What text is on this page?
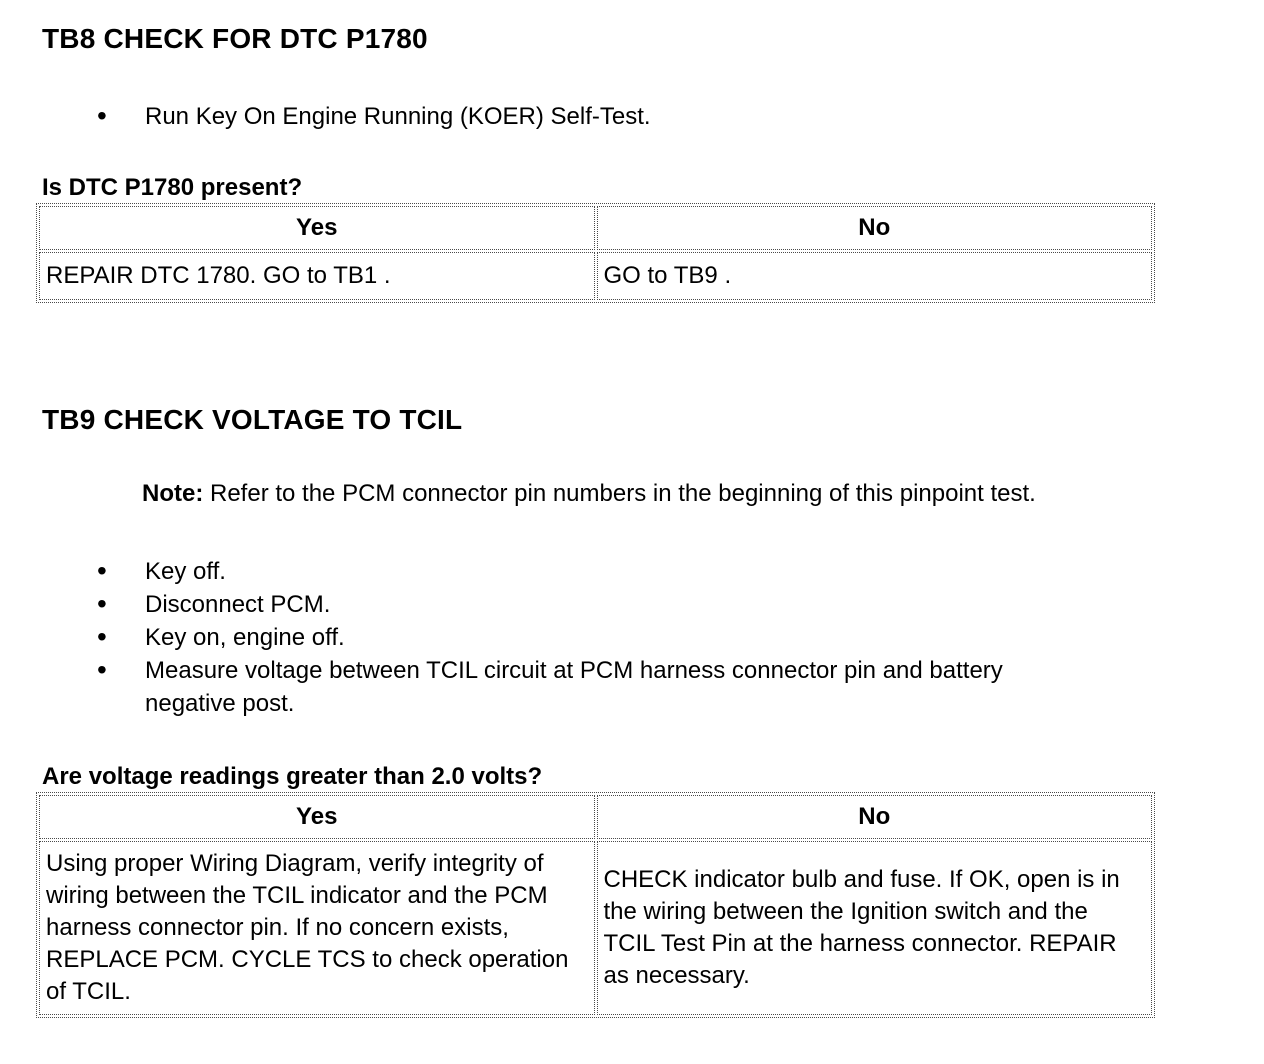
TB8 CHECK FOR DTC P1780
• Run Key On Engine Running (KOER) Self-Test.
Is DTC P1780 present?
Yes	No
REPAIR DTC 1780. GO to TB1 .	GO to TB9 .
TB9 CHECK VOLTAGE TO TCIL
Note: Refer to the PCM connector pin numbers in the beginning of this pinpoint test.
• Key off.
• Disconnect PCM.
• Key on, engine off.
• Measure voltage between TCIL circuit at PCM harness connector pin and battery negative post.
Are voltage readings greater than 2.0 volts?
Yes	No
Using proper Wiring Diagram, verify integrity of wiring between the TCIL indicator and the PCM harness connector pin. If no concern exists, REPLACE PCM. CYCLE TCS to check operation of TCIL.	CHECK indicator bulb and fuse. If OK, open is in the wiring between the Ignition switch and the TCIL Test Pin at the harness connector. REPAIR as necessary.
